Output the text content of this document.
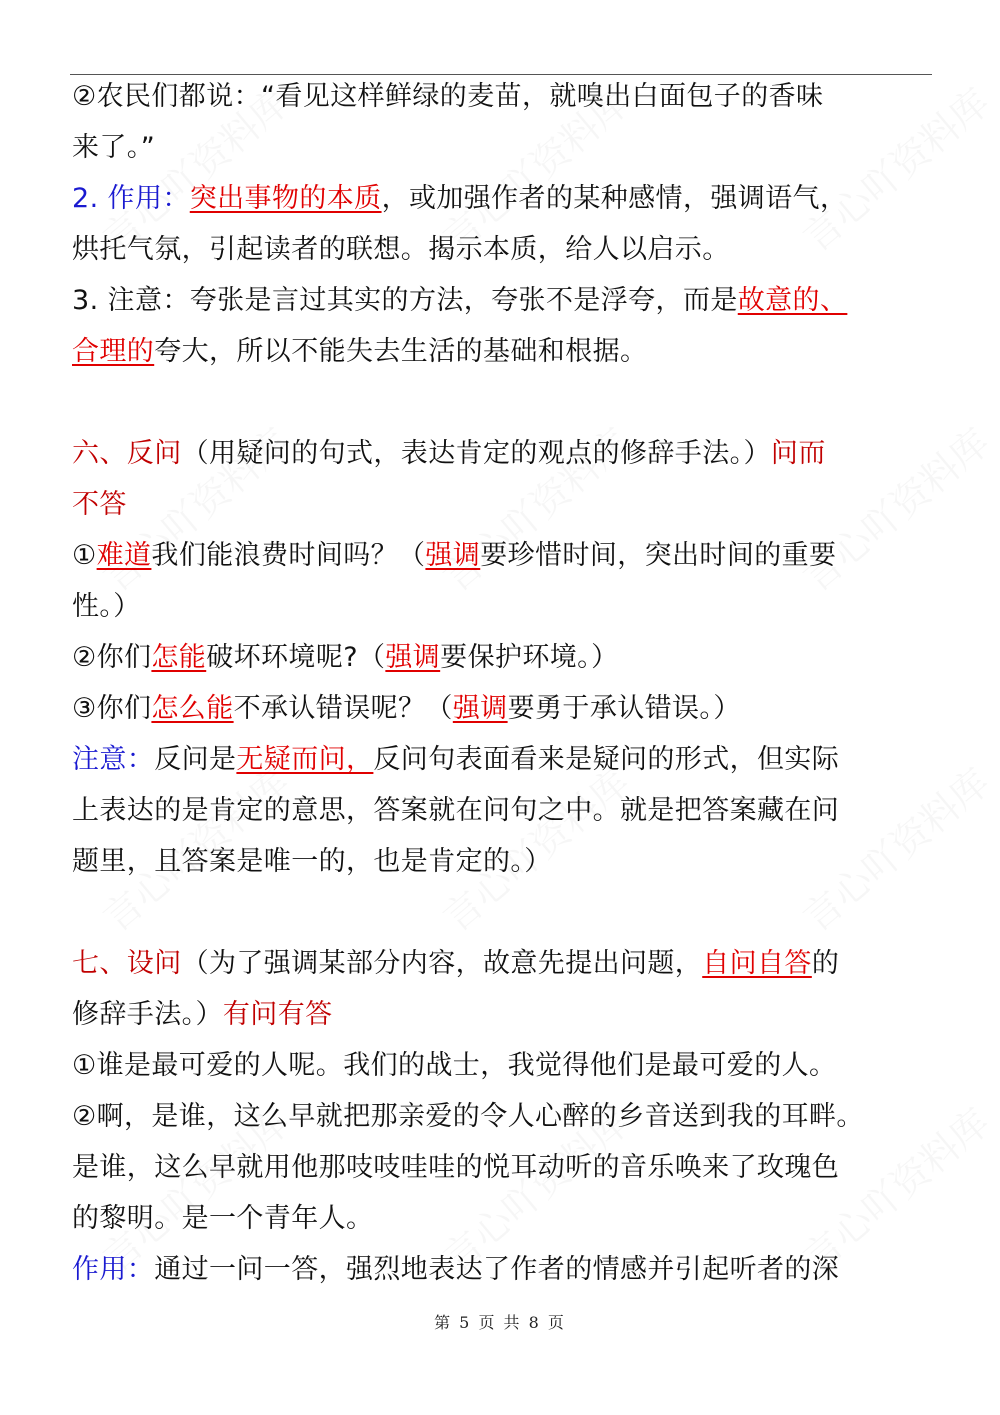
②农民们都说：“看见这样鲜绿的麦苗，就嗅出白面包子的香味
来了。”
2. 作用：突出事物的本质，或加强作者的某种感情，强调语气，
烘托气氛，引起读者的联想。揭示本质，给人以启示。
3. 注意：夸张是言过其实的方法，夸张不是浮夸，而是故意的、
合理的夸大，所以不能失去生活的基础和根据。
六、反问（用疑问的句式，表达肯定的观点的修辞手法。）问而
不答
①难道我们能浪费时间吗？（强调要珍惜时间，突出时间的重要
性。）
②你们怎能破坏环境呢?（强调要保护环境。）
③你们怎么能不承认错误呢？（强调要勇于承认错误。）
注意：反问是无疑而问，反问句表面看来是疑问的形式，但实际
上表达的是肯定的意思，答案就在问句之中。就是把答案藏在问
题里，且答案是唯一的，也是肯定的。）
七、设问（为了强调某部分内容，故意先提出问题，自问自答的
修辞手法。）有问有答
①谁是最可爱的人呢。我们的战士，我觉得他们是最可爱的人。
②啊，是谁，这么早就把那亲爱的令人心醉的乡音送到我的耳畔。
是谁，这么早就用他那吱吱哇哇的悦耳动听的音乐唤来了玫瑰色
的黎明。是一个青年人。
作用：通过一问一答，强烈地表达了作者的情感并引起听者的深
第 5 页 共 8 页
